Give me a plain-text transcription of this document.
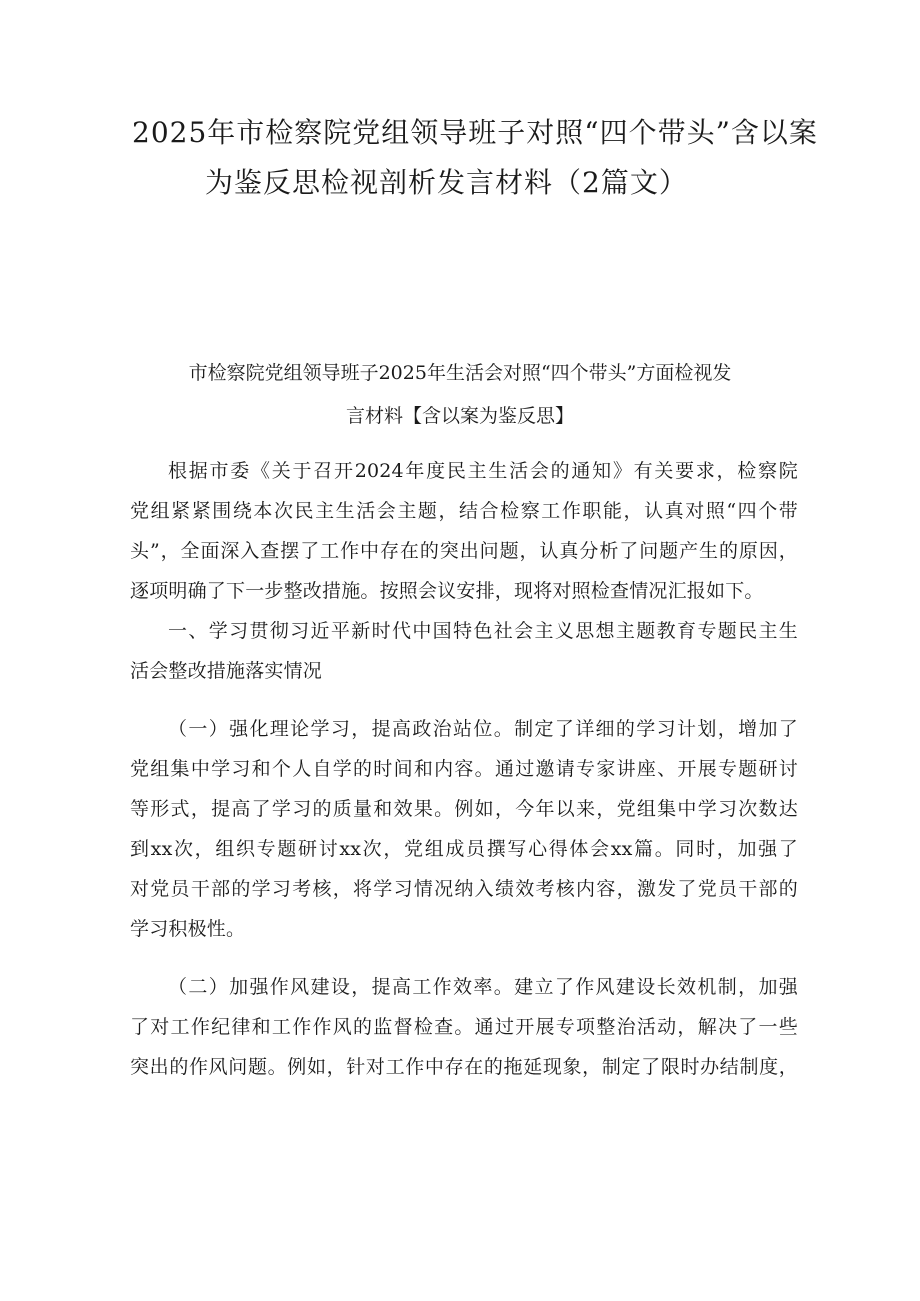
2025年市检察院党组领导班子对照“四个带头”含以案
为鉴反思检视剖析发言材料（2篇文）
市检察院党组领导班子2025年生活会对照“四个带头”方面检视发
言材料【含以案为鉴反思】
根据市委《关于召开2024年度民主生活会的通知》有关要求，检察院
党组紧紧围绕本次民主生活会主题，结合检察工作职能，认真对照“四个带
头”，全面深入查摆了工作中存在的突出问题，认真分析了问题产生的原因，
逐项明确了下一步整改措施。按照会议安排，现将对照检查情况汇报如下。
一、学习贯彻习近平新时代中国特色社会主义思想主题教育专题民主生
活会整改措施落实情况
（一）强化理论学习，提高政治站位。制定了详细的学习计划，增加了
党组集中学习和个人自学的时间和内容。通过邀请专家讲座、开展专题研讨
等形式，提高了学习的质量和效果。例如，今年以来，党组集中学习次数达
到xx次，组织专题研讨xx次，党组成员撰写心得体会xx篇。同时，加强了
对党员干部的学习考核，将学习情况纳入绩效考核内容，激发了党员干部的
学习积极性。
（二）加强作风建设，提高工作效率。建立了作风建设长效机制，加强
了对工作纪律和工作作风的监督检查。通过开展专项整治活动，解决了一些
突出的作风问题。例如，针对工作中存在的拖延现象，制定了限时办结制度，
